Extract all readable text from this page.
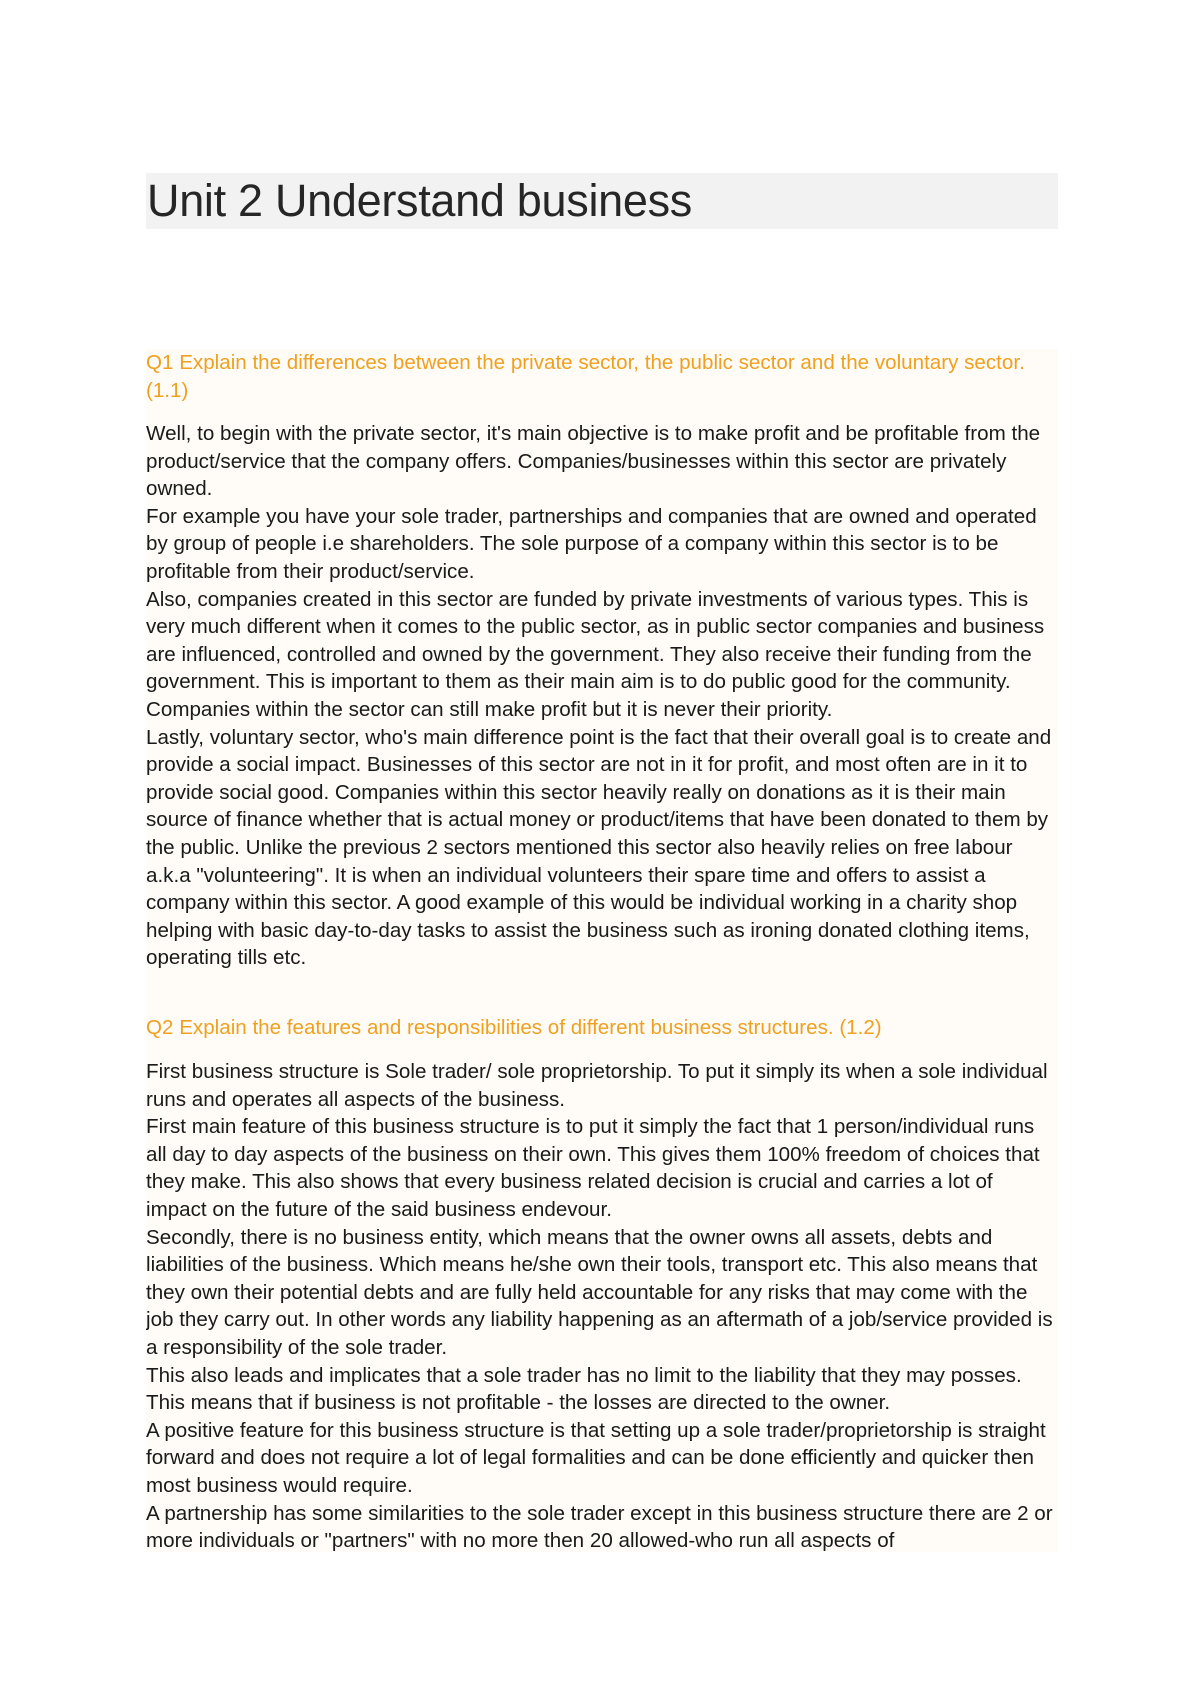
Unit 2 Understand business

Q1 Explain the differences between the private sector, the public sector and the voluntary sector. (1.1)

Well, to begin with the private sector, it's main objective is to make profit and be profitable from the product/service that the company offers. Companies/businesses within this sector are privately owned.

For example you have your sole trader, partnerships and companies that are owned and operated by group of people i.e shareholders. The sole purpose of a company within this sector is to be profitable from their product/service.

Also, companies created in this sector are funded by private investments of various types. This is very much different when it comes to the public sector, as in public sector companies and business are influenced, controlled and owned by the government. They also receive their funding from the government. This is important to them as their main aim is to do public good for the community. Companies within the sector can still make profit but it is never their priority.

Lastly, voluntary sector, who's main difference point is the fact that their overall goal is to create and provide a social impact. Businesses of this sector are not in it for profit, and most often are in it to provide social good. Companies within this sector heavily really on donations as it is their main source of finance whether that is actual money or product/items that have been donated to them by the public. Unlike the previous 2 sectors mentioned this sector also heavily relies on free labour a.k.a "volunteering". It is when an individual volunteers their spare time and offers to assist a company within this sector. A good example of this would be individual working in a charity shop helping with basic day-to-day tasks to assist the business such as ironing donated clothing items, operating tills etc.

Q2 Explain the features and responsibilities of different business structures. (1.2)

First business structure is Sole trader/ sole proprietorship. To put it simply its when a sole individual runs and operates all aspects of the business.

First main feature of this business structure is to put it simply the fact that 1 person/individual runs all day to day aspects of the business on their own. This gives them 100% freedom of choices that they make. This also shows that every business related decision is crucial and carries a lot of impact on the future of the said business endevour.

Secondly, there is no business entity, which means that the owner owns all assets, debts and liabilities of the business. Which means he/she own their tools, transport etc. This also means that they own their potential debts and are fully held accountable for any risks that may come with the job they carry out. In other words any liability happening as an aftermath of a job/service provided is a responsibility of the sole trader.

This also leads and implicates that a sole trader has no limit to the liability that they may posses. This means that if business is not profitable - the losses are directed to the owner.

A positive feature for this business structure is that setting up a sole trader/proprietorship is straight forward and does not require a lot of legal formalities and can be done efficiently and quicker then most business would require.

A partnership has some similarities to the sole trader except in this business structure there are 2 or more individuals or "partners" with no more then 20 allowed-who run all aspects of
